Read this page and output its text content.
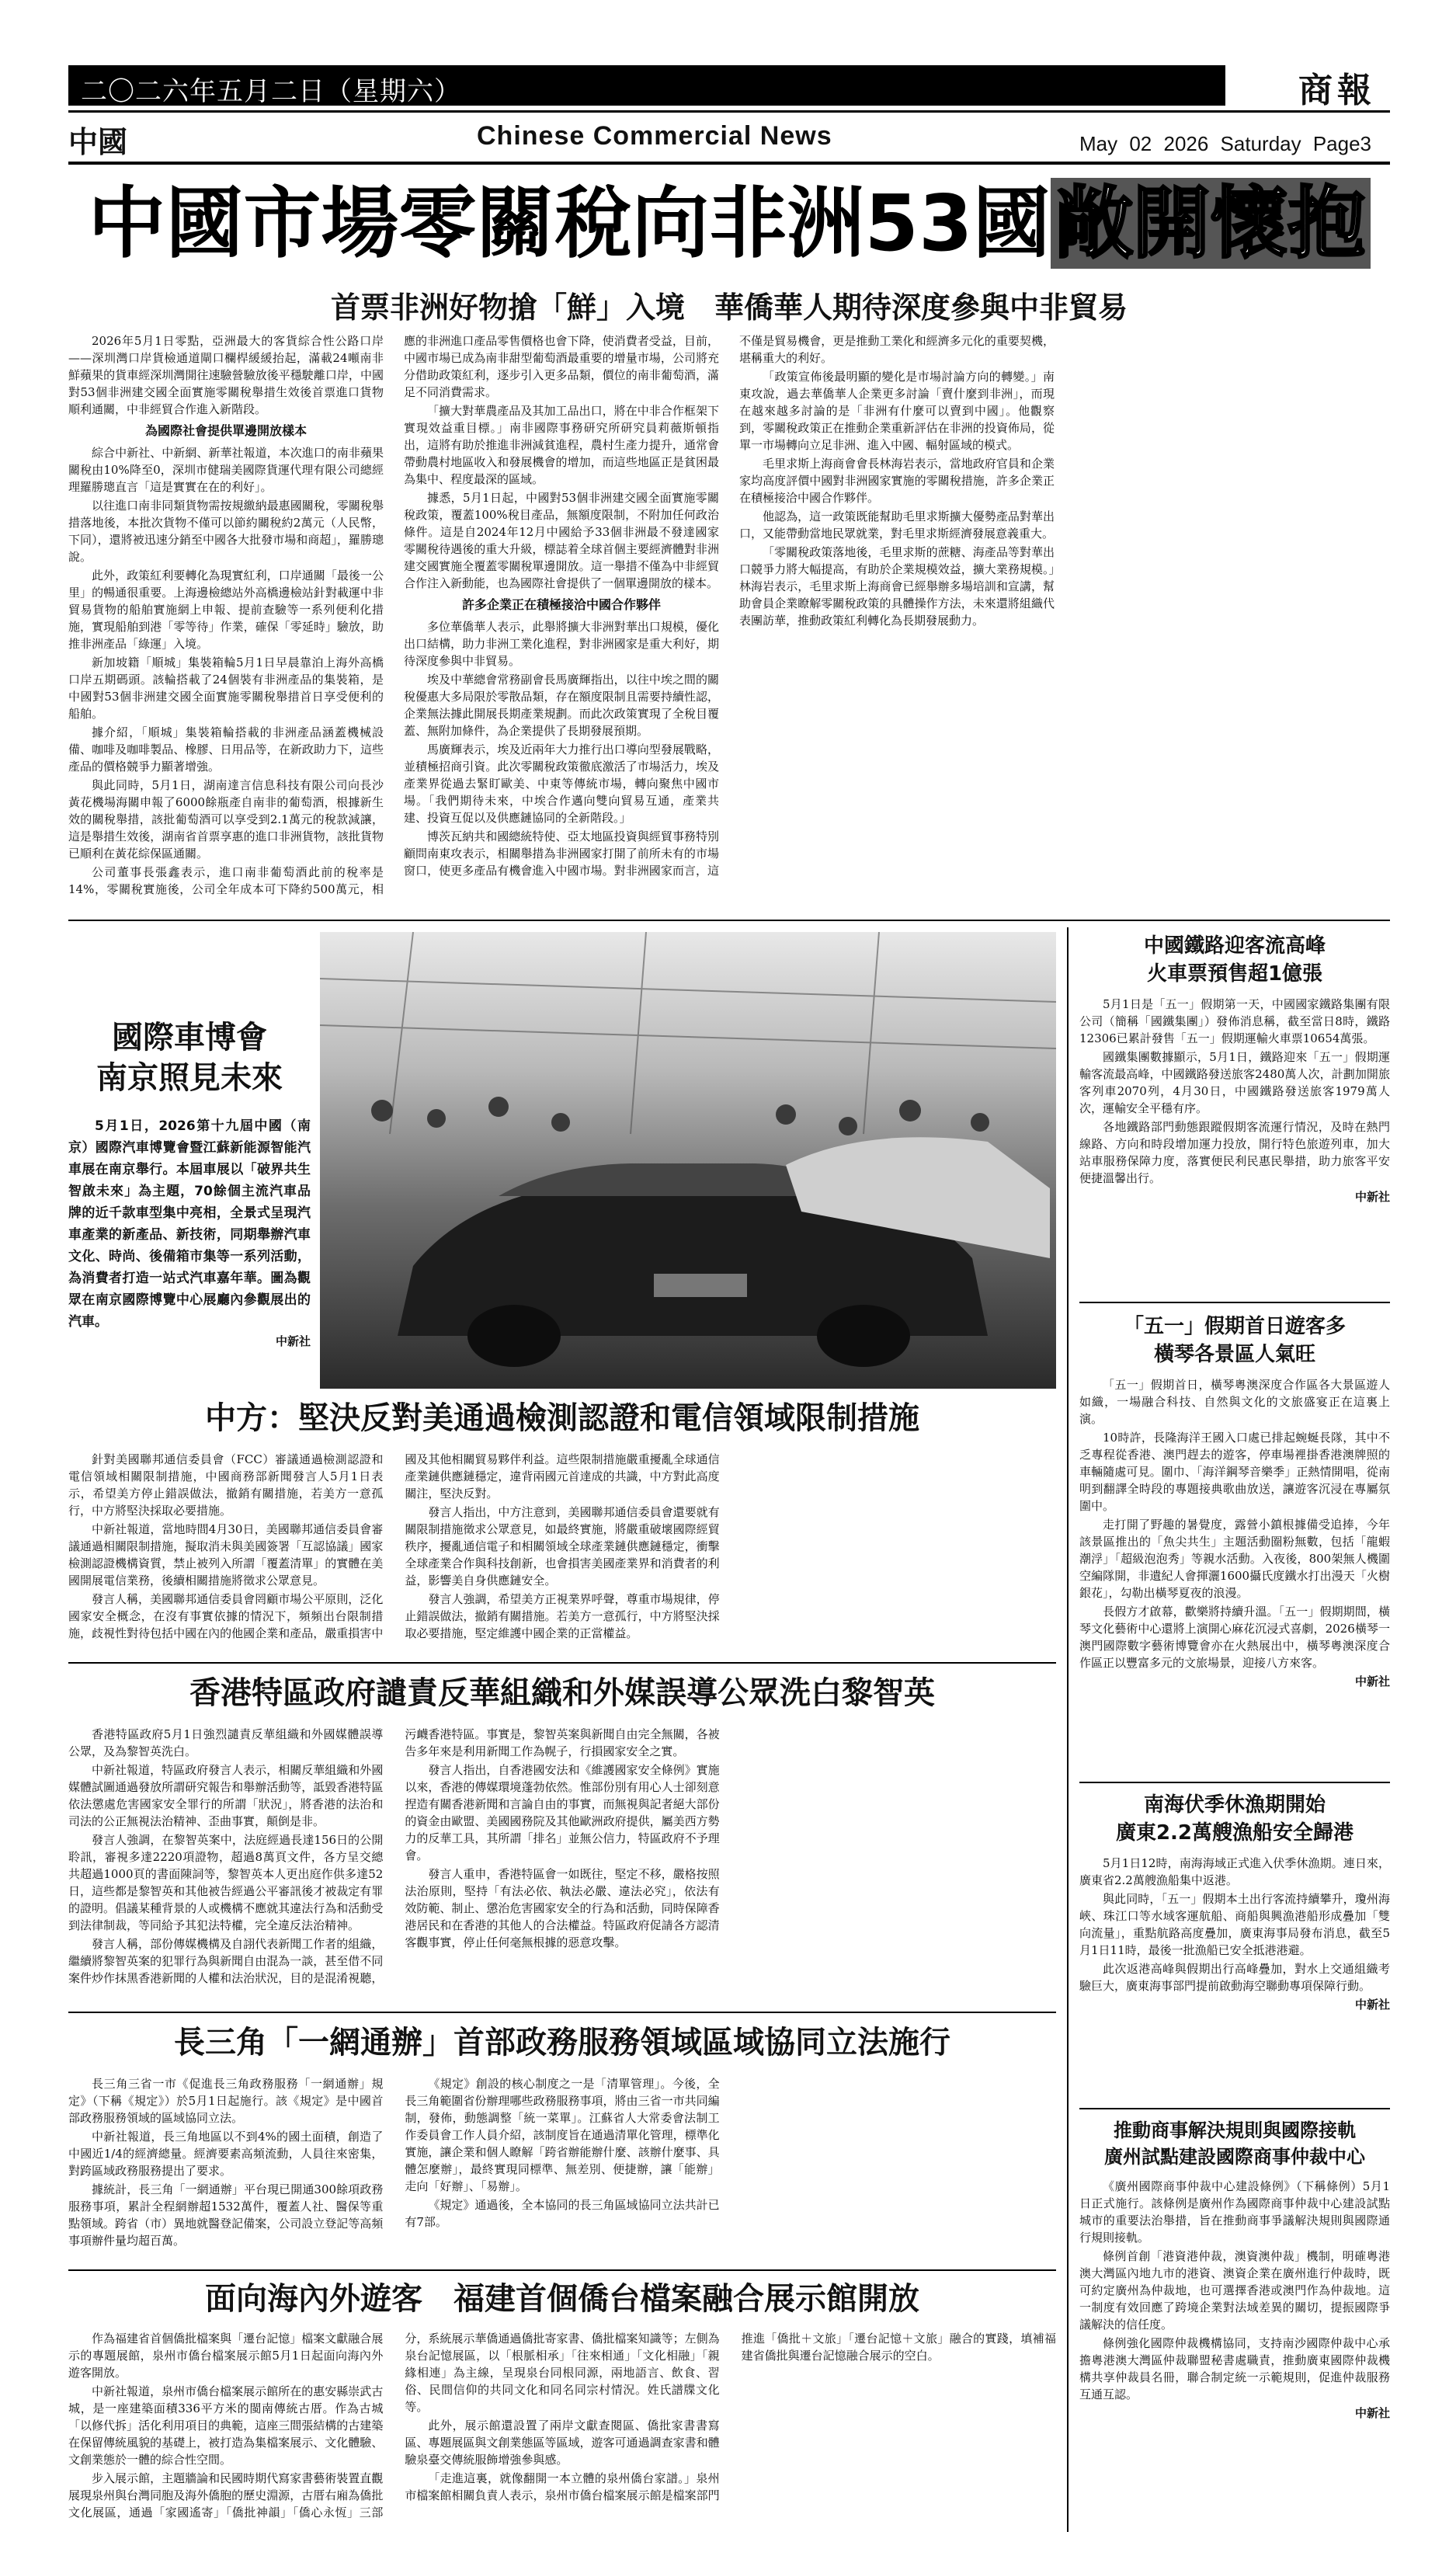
二〇二六年五月二日（星期六）	商報
中國	Chinese Commercial News	May 02 2026 Saturday Page3
中國市場零關稅向非洲53國敞開懷抱
首票非洲好物搶「鮮」入境　華僑華人期待深度參與中非貿易

2026年5月1日零點，亞洲最大的客貨綜合性公路口岸——深圳灣口岸貨檢通道閘口欄桿緩緩抬起，滿載24噸南非鮮蘋果的貨車經深圳灣開往速驗營驗放後平穩駛離口岸，中國對53個非洲建交國全面實施零關稅舉措生效後首票進口貨物順利通關，中非經貿合作進入新階段。

為國際社會提供單邊開放樣本

綜合中新社、中新網、新華社報道，本次進口的南非蘋果關稅由10%降至0，深圳市健瑞美國際貨運代理有限公司總經理羅勝璁直言「這是實實在在的利好」。

以往進口南非同類貨物需按規繳納最惠國關稅，零關稅舉措落地後，本批次貨物不僅可以節約關稅約2萬元（人民幣，下同），還將被迅速分銷至中國各大批發市場和商超」，羅勝璁說。

此外，政策紅利要轉化為現實紅利，口岸通關「最後一公里」的暢通很重要。上海邊檢總站外高橋邊檢站針對載運中非貿易貨物的船舶實施網上申報、提前查驗等一系列便利化措施，實現船舶到港「零等待」作業，確保「零延時」驗放，助推非洲產品「綠運」入境。

新加坡籍「順城」集裝箱輪5月1日早晨靠泊上海外高橋口岸五期碼頭。該輪搭載了24個裝有非洲產品的集裝箱，是中國對53個非洲建交國全面實施零關稅舉措首日享受便利的船舶。

據介紹，「順城」集裝箱輪搭載的非洲產品涵蓋機械設備、咖啡及咖啡製品、橡膠、日用品等，在新政助力下，這些產品的價格競爭力顯著增強。

與此同時，5月1日，湖南達言信息科技有限公司向長沙黃花機場海關申報了6000餘瓶產自南非的葡萄酒，根據新生效的關稅舉措，該批葡萄酒可以享受到2.1萬元的稅款減讓，這是舉措生效後，湖南省首票享惠的進口非洲貨物，該批貨物已順利在黃花綜保區通關。

公司董事長張鑫表示，進口南非葡萄酒此前的稅率是14%，零關稅實施後，公司全年成本可下降約500萬元，相應的非洲進口產品零售價格也會下降，使消費者受益，目前，中國市場已成為南非甜型葡萄酒最重要的增量市場，公司將充分借助政策紅利，逐步引入更多品類，價位的南非葡萄酒，滿足不同消費需求。

「擴大對華農產品及其加工品出口，將在中非合作框架下實現效益重目標。」南非國際事務研究所研究員莉薇斯頓指出，這將有助於推進非洲減貧進程，農村生產力提升，通常會帶動農村地區收入和發展機會的增加，而這些地區正是貧困最為集中、程度最深的區域。

據悉，5月1日起，中國對53個非洲建交國全面實施零關稅政策，覆蓋100%稅目產品，無額度限制，不附加任何政治條件。這是自2024年12月中國給予33個非洲最不發達國家零關稅待遇後的重大升級，標誌着全球首個主要經濟體對非洲建交國實施全覆蓋零關稅單邊開放。這一舉措不僅為中非經貿合作注入新動能，也為國際社會提供了一個單邊開放的樣本。

許多企業正在積極接洽中國合作夥伴

多位華僑華人表示，此舉將擴大非洲對華出口規模，優化出口結構，助力非洲工業化進程，對非洲國家是重大利好，期待深度參與中非貿易。

埃及中華總會常務副會長馬廣輝指出，以往中埃之間的關稅優惠大多局限於零散品類，存在額度限制且需要持續性認，企業無法據此開展長期產業規劃。而此次政策實現了全稅目覆蓋、無附加條件，為企業提供了長期發展預期。

馬廣輝表示，埃及近兩年大力推行出口導向型發展戰略，並積極招商引資。此次零關稅政策徹底激活了市場活力，埃及產業界從過去緊盯歐美、中東等傳統市場，轉向聚焦中國市場。「我們期待未來，中埃合作邁向雙向貿易互通，產業共建、投資互促以及供應鏈協同的全新階段。」

博茨瓦納共和國總統特使、亞太地區投資與經貿事務特別顧問南東攻表示，相關舉措為非洲國家打開了前所未有的市場窗口，使更多產品有機會進入中國市場。對非洲國家而言，這不僅是貿易機會，更是推動工業化和經濟多元化的重要契機，堪稱重大的利好。

「政策宣佈後最明顯的變化是市場討論方向的轉變。」南東攻說，過去華僑華人企業更多討論「賣什麼到非洲」，而現在越來越多討論的是「非洲有什麼可以賣到中國」。他觀察到，零關稅政策正在推動企業重新評估在非洲的投資佈局，從單一市場轉向立足非洲、進入中國、輻射區域的模式。

毛里求斯上海商會會長林海岩表示，當地政府官員和企業家均高度評價中國對非洲國家實施的零關稅措施，許多企業正在積極接洽中國合作夥伴。

他認為，這一政策既能幫助毛里求斯擴大優勢產品對華出口，又能帶動當地民眾就業，對毛里求斯經濟發展意義重大。

「零關稅政策落地後，毛里求斯的蔗糖、海產品等對華出口競爭力將大幅提高，有助於企業規模效益，擴大業務規模。」林海岩表示，毛里求斯上海商會已經舉辦多場培訓和宣講，幫助會員企業瞭解零關稅政策的具體操作方法，未來還將組織代表團訪華，推動政策紅利轉化為長期發展動力。

國際車博會
南京照見未來
5月1日，2026第十九屆中國（南京）國際汽車博覽會暨江蘇新能源智能汽車展在南京舉行。本屆車展以「破界共生智啟未來」為主題，70餘個主流汽車品牌的近千款車型集中亮相，全景式呈現汽車產業的新產品、新技術，同期舉辦汽車文化、時尚、後備箱市集等一系列活動，為消費者打造一站式汽車嘉年華。圖為觀眾在南京國際博覽中心展廳內參觀展出的汽車。
中新社
中方：堅決反對美通過檢測認證和電信領域限制措施

針對美國聯邦通信委員會（FCC）審議通過檢測認證和電信領域相關限制措施，中國商務部新聞發言人5月1日表示，希望美方停止錯誤做法，撤銷有關措施，若美方一意孤行，中方將堅決採取必要措施。

中新社報道，當地時間4月30日，美國聯邦通信委員會審議通過相關限制措施，擬取消未與美國簽署「互認協議」國家檢測認證機構資質，禁止被列入所謂「覆蓋清單」的實體在美國開展電信業務，後續相關措施將徵求公眾意見。

發言人稱，美國聯邦通信委員會罔顧市場公平原則，泛化國家安全概念，在沒有事實依據的情況下，頻頻出台限制措施，歧視性對待包括中國在內的他國企業和產品，嚴重損害中國及其他相關貿易夥伴利益。這些限制措施嚴重擾亂全球通信產業鏈供應鏈穩定，違背兩國元首達成的共識，中方對此高度關注，堅決反對。

發言人指出，中方注意到，美國聯邦通信委員會還要就有關限制措施徵求公眾意見，如最終實施，將嚴重破壞國際經貿秩序，擾亂通信電子和相關領域全球產業鏈供應鏈穩定，衝擊全球產業合作與科技創新，也會損害美國產業界和消費者的利益，影響美自身供應鏈安全。

發言人強調，希望美方正視業界呼聲，尊重市場規律，停止錯誤做法，撤銷有關措施。若美方一意孤行，中方將堅決採取必要措施，堅定維護中國企業的正當權益。

香港特區政府譴責反華組織和外媒誤導公眾洗白黎智英

香港特區政府5月1日強烈譴責反華組織和外國媒體誤導公眾，及為黎智英洗白。

中新社報道，特區政府發言人表示，相關反華組織和外國媒體試圖通過發放所謂研究報告和舉辦活動等，詆毀香港特區依法懲處危害國家安全罪行的所謂「狀況」，將香港的法治和司法的公正無視法治精神、歪曲事實，顛倒是非。

發言人強調，在黎智英案中，法庭經過長達156日的公開聆訊，審視多達2220項證物，超過8萬頁文件，各方呈交總共超過1000頁的書面陳詞等，黎智英本人更出庭作供多達52日，這些都是黎智英和其他被告經過公平審訊後才被裁定有罪的證明。倡議某種背景的人或機構不應就其違法行為和活動受到法律制裁，等同給予其犯法特權，完全違反法治精神。

發言人稱，部份傳媒機構及自詡代表新聞工作者的組織，繼續將黎智英案的犯罪行為與新聞自由混為一談，甚至借不同案件炒作抹黑香港新聞的人權和法治狀況，目的是混淆視聽，污衊香港特區。事實是，黎智英案與新聞自由完全無關，各被告多年來是利用新聞工作為幌子，行損國家安全之實。

發言人指出，自香港國安法和《維護國家安全條例》實施以來，香港的傳媒環境蓬勃依然。惟部份別有用心人士卻刻意捏造有關香港新聞和言論自由的事實，而無視與記者絕大部份的資金由歐盟、美國國務院及其他歐洲政府提供，屬美西方勢力的反華工具，其所謂「排名」並無公信力，特區政府不予理會。

發言人重申，香港特區會一如既往，堅定不移，嚴格按照法治原則，堅持「有法必依、執法必嚴、違法必究」，依法有效防範、制止、懲治危害國家安全的行為和活動，同時保障香港居民和在香港的其他人的合法權益。特區政府促請各方認清客觀事實，停止任何毫無根據的惡意攻擊。

長三角「一網通辦」首部政務服務領域區域協同立法施行

長三角三省一市《促進長三角政務服務「一網通辦」規定》（下稱《規定》）於5月1日起施行。該《規定》是中國首部政務服務領域的區域協同立法。

中新社報道，長三角地區以不到4%的國土面積，創造了中國近1/4的經濟總量。經濟要素高頻流動，人員往來密集，對跨區域政務服務提出了要求。

據統計，長三角「一網通辦」平台現已開通300餘項政務服務事項，累計全程網辦超1532萬件，覆蓋人社、醫保等重點領域。跨省（市）異地就醫登記備案，公司設立登記等高頻事項辦件量均超百萬。

《規定》創設的核心制度之一是「清單管理」。今後，全長三角範圍省份辦理哪些政務服務事項，將由三省一市共同編制，發佈，動態調整「統一菜單」。江蘇省人大常委會法制工作委員會工作人員介紹，該制度旨在通過清單化管理，標準化實施，讓企業和個人瞭解「跨省辦能辦什麼、該辦什麼事、具體怎麼辦」，最終實現同標準、無差別、便捷辦，讓「能辦」走向「好辦」、「易辦」。

《規定》通過後，全本協同的長三角區域協同立法共計已有7部。

面向海內外遊客　福建首個僑台檔案融合展示館開放

作為福建省首個僑批檔案與「遷台記憶」檔案文獻融合展示的專題展館，泉州市僑台檔案展示館5月1日起面向海內外遊客開放。

中新社報道，泉州市僑台檔案展示館所在的惠安縣崇武古城，是一座建築面積336平方米的閩南傳統古厝。作為古城「以修代拆」活化利用項目的典範，這座三間張結構的古建築在保留傳統風貌的基礎上，被打造為集檔案展示、文化體驗、文創業態於一體的綜合性空間。

步入展示館，主題牆論和民國時期代寫家書藝術裝置直觀展現泉州與台灣同胞及海外僑胞的歷史淵源，古厝右廂為僑批文化展區，通過「家國遙寄」「僑批神韻」「僑心永恆」三部分，系統展示華僑通過僑批寄家書、僑批檔案知識等；左側為泉台記憶展區，以「根脈相承」「往來相通」「文化相融」「親緣相連」為主線，呈現泉台同根同源，兩地語言、飲食、習俗、民間信仰的共同文化和同名同宗村情況。姓氏譜牒文化等。

此外，展示館還設置了兩岸文獻查閱區、僑批家書書寫區、專題展區與文創業態區等區域，遊客可通過調查家書和體驗泉臺交傳統服飾增強參與感。

「走進這裏，就像翻開一本立體的泉州僑台家譜。」泉州市檔案館相關負責人表示，泉州市僑台檔案展示館是檔案部門推進「僑批＋文旅」「遷台記憶＋文旅」融合的實踐，填補福建省僑批與遷台記憶融合展示的空白。

中國鐵路迎客流高峰
火車票預售超1億張

5月1日是「五一」假期第一天，中國國家鐵路集團有限公司（簡稱「國鐵集團」）發佈消息稱，截至當日8時，鐵路12306已累計發售「五一」假期運輸火車票10654萬張。

國鐵集團數據顯示，5月1日，鐵路迎來「五一」假期運輸客流最高峰，中國鐵路發送旅客2480萬人次，計劃加開旅客列車2070列，4月30日，中國鐵路發送旅客1979萬人次，運輸安全平穩有序。

各地鐵路部門動態跟蹤假期客流運行情況，及時在熱門線路、方向和時段增加運力投放，開行特色旅遊列車，加大站車服務保障力度，落實便民利民惠民舉措，助力旅客平安便捷溫馨出行。

中新社
「五一」假期首日遊客多
橫琴各景區人氣旺

「五一」假期首日，橫琴粵澳深度合作區各大景區遊人如織，一場融合科技、自然與文化的文旅盛宴正在這裏上演。

10時許，長隆海洋王國入口處已排起蜿蜒長隊，其中不乏專程從香港、澳門趕去的遊客，停車場裡掛香港澳牌照的車輛隨處可見。圍巾、「海洋鋼琴音樂季」正熱情開唱，從南明到翻譯全時段的專題接典歌曲放送，讓遊客沉浸在專屬氛圍中。

走打開了野趣的暑覺度，露營小鎮根據備受追捧，今年該景區推出的「魚尖共生」主題活動圈粉無數，包括「龍蝦潮浮」「超級泡泡秀」等親水活動。入夜後，800架無人機圍空編隊開，非遺紀人會揮灑1600攝氏度鐵水打出漫天「火樹銀花」，勾勒出橫琴夏夜的浪漫。

長假方才啟幕，歡樂將持續升溫。「五一」假期期間，橫琴文化藝術中心還將上演開心麻花沉浸式喜劇，2026橫琴一澳門國際數字藝術博覽會亦在火熱展出中，橫琴粵澳深度合作區正以豐富多元的文旅場景，迎接八方來客。

中新社
南海伏季休漁期開始
廣東2.2萬艘漁船安全歸港

5月1日12時，南海海域正式進入伏季休漁期。連日來，廣東省2.2萬艘漁船集中返港。

與此同時，「五一」假期本土出行客流持續攀升，瓊州海峽、珠江口等水域客運航船、商船與興漁港船形成疊加「雙向流量」，重點航路高度疊加，廣東海事局發布消息，截至5月1日11時，最後一批漁船已安全抵港港避。

此次返港高峰與假期出行高峰疊加，對水上交通組織考驗巨大，廣東海事部門提前啟動海空聯動專項保障行動。

中新社
推動商事解決規則與國際接軌
廣州試點建設國際商事仲裁中心

《廣州國際商事仲裁中心建設條例》（下稱條例）5月1日正式施行。該條例是廣州作為國際商事仲裁中心建設試點城市的重要法治舉措，旨在推動商事爭議解決規則與國際通行規則接軌。

條例首創「港資港仲裁，澳資澳仲裁」機制，明確粵港澳大灣區內地九市的港資、澳資企業在廣州進行仲裁時，既可約定廣州為仲裁地，也可選擇香港或澳門作為仲裁地。這一制度有效回應了跨境企業對法域差異的關切，提振國際爭議解決的信任度。

條例強化國際仲裁機構協同，支持南沙國際仲裁中心承擔粵港澳大灣區仲裁聯盟秘書處職責，推動廣東國際仲裁機構共享仲裁員名冊，聯合制定統一示範規則，促進仲裁服務互通互認。

中新社
